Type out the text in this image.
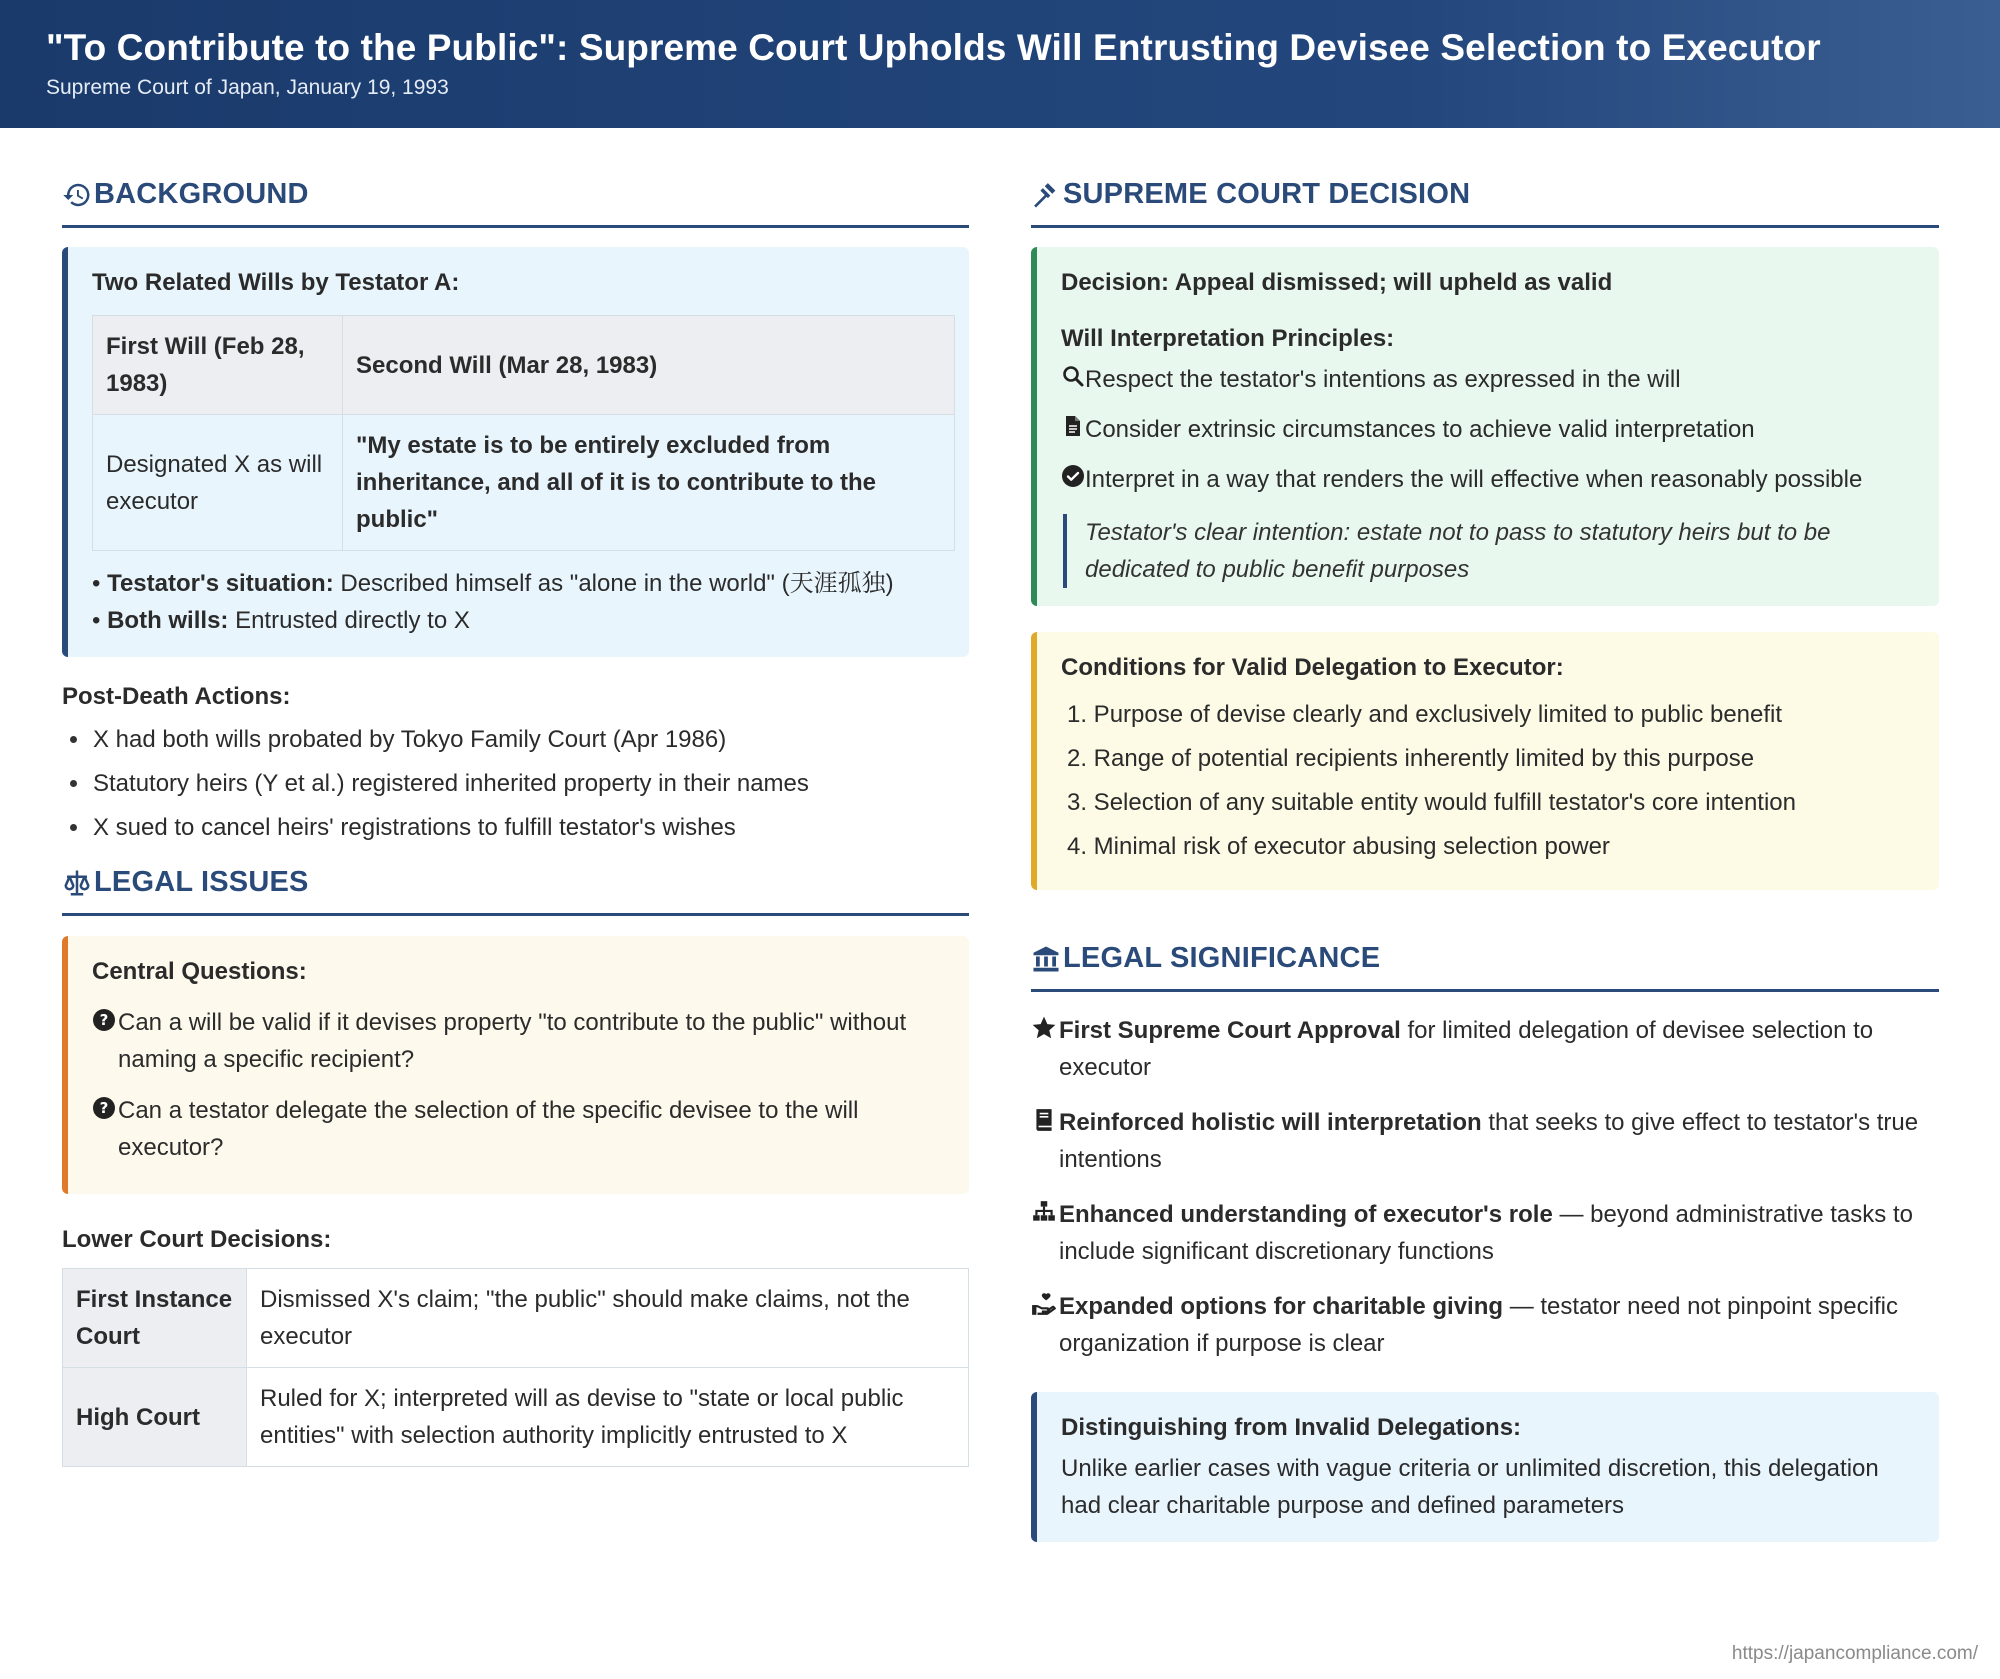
"To Contribute to the Public": Supreme Court Upholds Will Entrusting Devisee Selection to Executor
Supreme Court of Japan, January 19, 1993
BACKGROUND
Two Related Wills by Testator A:
First Will (Feb 28, 1983)	Second Will (Mar 28, 1983)
Designated X as will executor	"My estate is to be entirely excluded from inheritance, and all of it is to contribute to the public"
• Testator's situation: Described himself as "alone in the world" (天涯孤独)
• Both wills: Entrusted directly to X
Post-Death Actions:
X had both wills probated by Tokyo Family Court (Apr 1986)
Statutory heirs (Y et al.) registered inherited property in their names
X sued to cancel heirs' registrations to fulfill testator's wishes
LEGAL ISSUES
Central Questions:
? Can a will be valid if it devises property "to contribute to the public" without naming a specific recipient?
? Can a testator delegate the selection of the specific devisee to the will executor?
Lower Court Decisions:
First Instance Court	Dismissed X's claim; "the public" should make claims, not the executor
High Court	Ruled for X; interpreted will as devise to "state or local public entities" with selection authority implicitly entrusted to X
SUPREME COURT DECISION
Decision: Appeal dismissed; will upheld as valid
Will Interpretation Principles:
Respect the testator's intentions as expressed in the will
Consider extrinsic circumstances to achieve valid interpretation
Interpret in a way that renders the will effective when reasonably possible
Testator's clear intention: estate not to pass to statutory heirs but to be dedicated to public benefit purposes
Conditions for Valid Delegation to Executor:
1. Purpose of devise clearly and exclusively limited to public benefit
2. Range of potential recipients inherently limited by this purpose
3. Selection of any suitable entity would fulfill testator's core intention
4. Minimal risk of executor abusing selection power
LEGAL SIGNIFICANCE
First Supreme Court Approval for limited delegation of devisee selection to executor
Reinforced holistic will interpretation that seeks to give effect to testator's true intentions
Enhanced understanding of executor's role — beyond administrative tasks to include significant discretionary functions
Expanded options for charitable giving — testator need not pinpoint specific organization if purpose is clear
Distinguishing from Invalid Delegations:
Unlike earlier cases with vague criteria or unlimited discretion, this delegation had clear charitable purpose and defined parameters
https://japancompliance.com/
